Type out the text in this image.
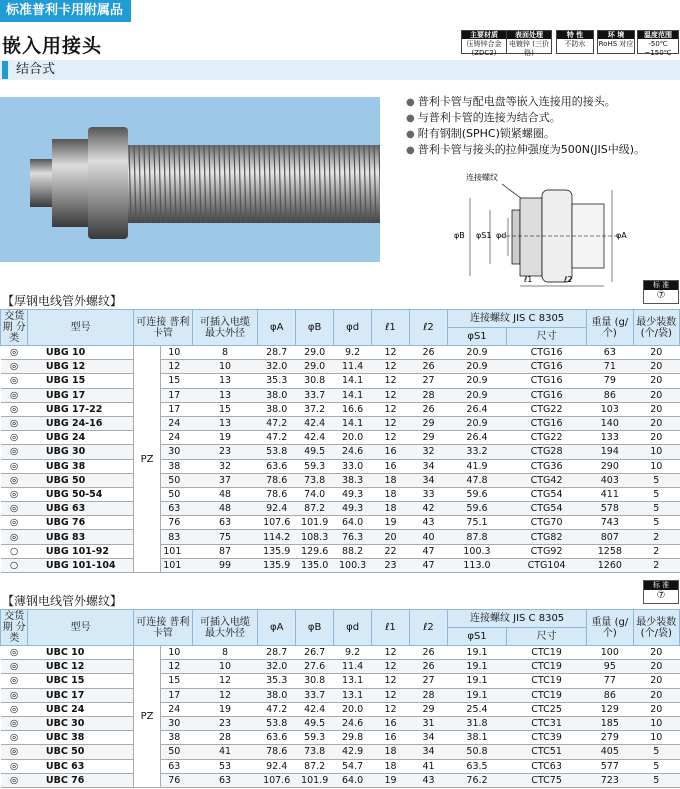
标准普利卡用附属品
嵌入用接头
结合式
主要材质
压铸锌合金 (ZDC2)
表面处理
电镀锌 (三价铬)
特 性
不防水
环 境
RoHS 对应
温度范围
-50℃ ~150℃
● 普利卡管与配电盘等嵌入连接用的接头。
● 与普利卡管的连接为结合式。
● 附有钢制(SPHC)锁紧螺圈。
● 普利卡管与接头的拉伸强度为500N(JIS中级)。
连接螺纹
φB φS1 φd	φA
ℓ1	ℓ2
【厚钢电线管外螺纹】
标 准
⑦
交货期 分类	型号	可连接 普利卡管		可插入电缆 最大外径	φA	φB	φd	ℓ1	ℓ2	连接螺纹 JIS C 8305		重量 (g/个)	最少装数 (个/袋)
										φS1	尺寸		
◎	UBG 10	PZ	10	8	28.7	29.0	9.2	12	26	20.9	CTG16	63	20
◎	UBG 12		12	10	32.0	29.0	11.4	12	26	20.9	CTG16	71	20
◎	UBG 15		15	13	35.3	30.8	14.1	12	27	20.9	CTG16	79	20
◎	UBG 17		17	13	38.0	33.7	14.1	12	28	20.9	CTG16	86	20
◎	UBG 17-22		17	15	38.0	37.2	16.6	12	26	26.4	CTG22	103	20
◎	UBG 24-16		24	13	47.2	42.4	14.1	12	29	20.9	CTG16	140	20
◎	UBG 24		24	19	47.2	42.4	20.0	12	29	26.4	CTG22	133	20
◎	UBG 30		30	23	53.8	49.5	24.6	16	32	33.2	CTG28	194	10
◎	UBG 38		38	32	63.6	59.3	33.0	16	34	41.9	CTG36	290	10
◎	UBG 50		50	37	78.6	73.8	38.3	18	34	47.8	CTG42	403	5
◎	UBG 50-54		50	48	78.6	74.0	49.3	18	33	59.6	CTG54	411	5
◎	UBG 63		63	48	92.4	87.2	49.3	18	42	59.6	CTG54	578	5
◎	UBG 76		76	63	107.6	101.9	64.0	19	43	75.1	CTG70	743	5
◎	UBG 83		83	75	114.2	108.3	76.3	20	40	87.8	CTG82	807	2
○	UBG 101-92		101	87	135.9	129.6	88.2	22	47	100.3	CTG92	1258	2
○	UBG 101-104		101	99	135.9	135.0	100.3	23	47	113.0	CTG104	1260	2
【薄钢电线管外螺纹】
标 准
⑦
交货期 分类	型号	可连接 普利卡管		可插入电缆 最大外径	φA	φB	φd	ℓ1	ℓ2	连接螺纹 JIS C 8305		重量 (g/个)	最少装数 (个/袋)
										φS1	尺寸		
◎	UBC 10	PZ	10	8	28.7	26.7	9.2	12	26	19.1	CTC19	100	20
◎	UBC 12		12	10	32.0	27.6	11.4	12	26	19.1	CTC19	95	20
◎	UBC 15		15	12	35.3	30.8	13.1	12	27	19.1	CTC19	77	20
◎	UBC 17		17	12	38.0	33.7	13.1	12	28	19.1	CTC19	86	20
◎	UBC 24		24	19	47.2	42.4	20.0	12	29	25.4	CTC25	129	20
◎	UBC 30		30	23	53.8	49.5	24.6	16	31	31.8	CTC31	185	10
◎	UBC 38		38	28	63.6	59.3	29.8	16	34	38.1	CTC39	279	10
◎	UBC 50		50	41	78.6	73.8	42.9	18	34	50.8	CTC51	405	5
◎	UBC 63		63	53	92.4	87.2	54.7	18	41	63.5	CTC63	577	5
◎	UBC 76		76	63	107.6	101.9	64.0	19	43	76.2	CTC75	723	5
